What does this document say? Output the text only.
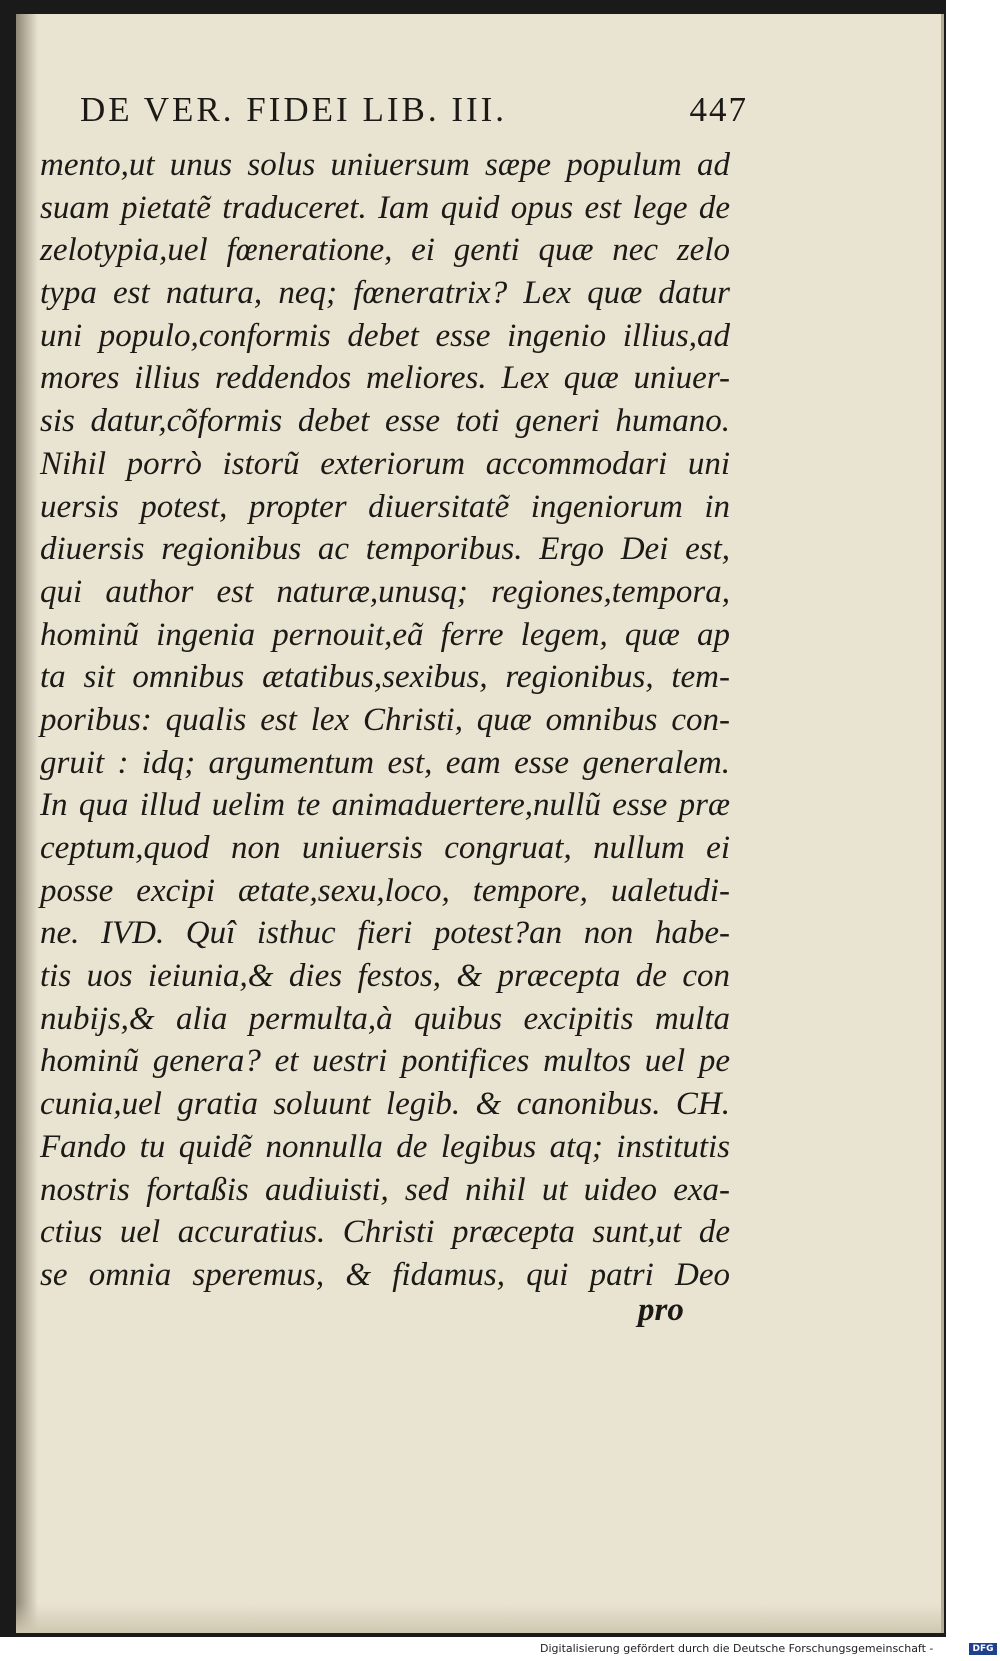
DE VER. FIDEI LIB. III.	447
mento,ut unus solus uniuersum sæpe populum ad
suam pietatẽ traduceret. Iam quid opus est lege de
zelotypia,uel fœneratione, ei genti quæ nec zelo
typa est natura, neq; fœneratrix? Lex quæ datur
uni populo,conformis debet esse ingenio illius,ad
mores illius reddendos meliores. Lex quæ uniuer-
sis datur,cõformis debet esse toti generi humano.
Nihil porrò istorũ exteriorum accommodari uni
uersis potest, propter diuersitatẽ ingeniorum in
diuersis regionibus ac temporibus. Ergo Dei est,
qui author est naturæ,unusq; regiones,tempora,
hominũ ingenia pernouit,eã ferre legem, quæ ap
ta sit omnibus ætatibus,sexibus, regionibus, tem-
poribus: qualis est lex Christi, quæ omnibus con-
gruit : idq; argumentum est, eam esse generalem.
In qua illud uelim te animaduertere,nullũ esse præ
ceptum,quod non uniuersis congruat, nullum ei
posse excipi ætate,sexu,loco, tempore, ualetudi-
ne. IVD. Quî isthuc fieri potest?an non habe-
tis uos ieiunia,& dies festos, & præcepta de con
nubijs,& alia permulta,à quibus excipitis multa
hominũ genera? et uestri pontifices multos uel pe
cunia,uel gratia soluunt legib. & canonibus. CH.
Fando tu quidẽ nonnulla de legibus atq; institutis
nostris fortaßis audiuisti, sed nihil ut uideo exa-
ctius uel accuratius. Christi præcepta sunt,ut de
se omnia speremus, & fidamus, qui patri Deo
pro
Digitalisierung gefördert durch die Deutsche Forschungsgemeinschaft -	DFG
